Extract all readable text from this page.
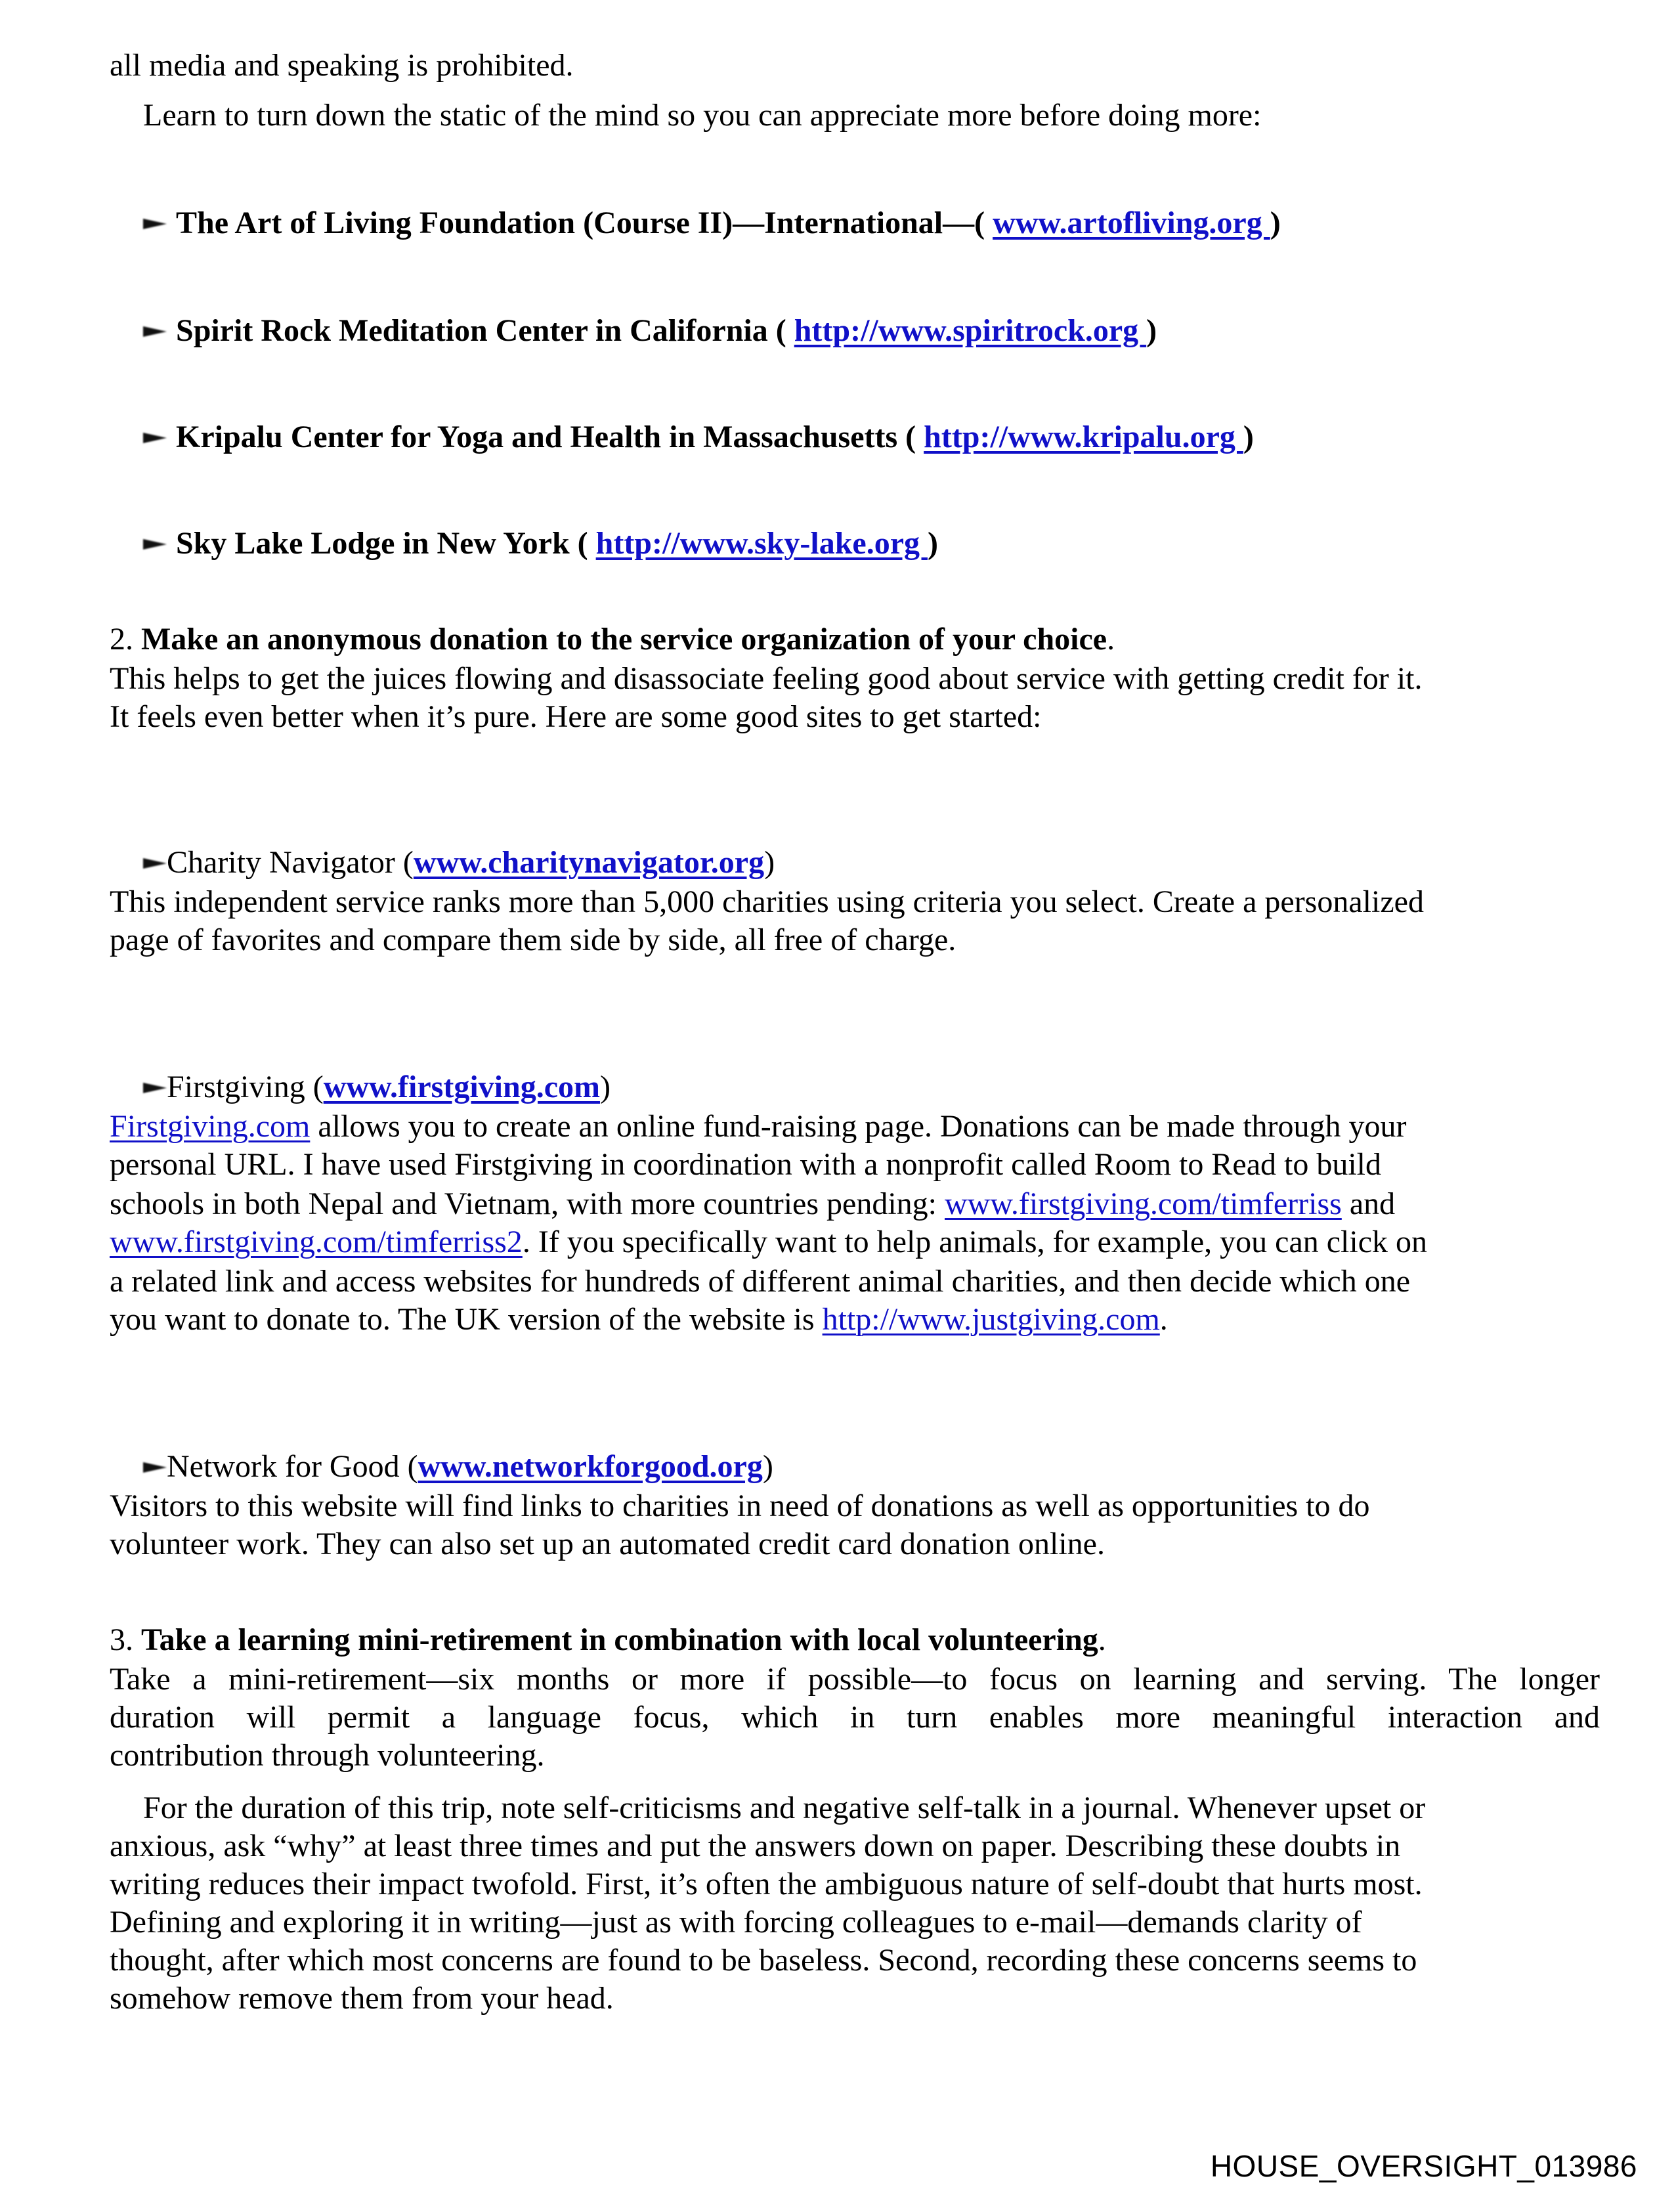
all media and speaking is prohibited.
Learn to turn down the static of the mind so you can appreciate more before doing more:
The Art of Living Foundation (Course II)—International—( www.artofliving.org )
Spirit Rock Meditation Center in California ( http://www.spiritrock.org )
Kripalu Center for Yoga and Health in Massachusetts ( http://www.kripalu.org )
Sky Lake Lodge in New York ( http://www.sky-lake.org )
2. Make an anonymous donation to the service organization of your choice.
This helps to get the juices flowing and disassociate feeling good about service with getting credit for it.
It feels even better when it’s pure. Here are some good sites to get started:
Charity Navigator (www.charitynavigator.org)
This independent service ranks more than 5,000 charities using criteria you select. Create a personalized
page of favorites and compare them side by side, all free of charge.
Firstgiving (www.firstgiving.com)
Firstgiving.com allows you to create an online fund-raising page. Donations can be made through your
personal URL. I have used Firstgiving in coordination with a nonprofit called Room to Read to build
schools in both Nepal and Vietnam, with more countries pending: www.firstgiving.com/timferriss and
www.firstgiving.com/timferriss2. If you specifically want to help animals, for example, you can click on
a related link and access websites for hundreds of different animal charities, and then decide which one
you want to donate to. The UK version of the website is http://www.justgiving.com.
Network for Good (www.networkforgood.org)
Visitors to this website will find links to charities in need of donations as well as opportunities to do
volunteer work. They can also set up an automated credit card donation online.
3. Take a learning mini-retirement in combination with local volunteering.
Take a mini-retirement—six months or more if possible—to focus on learning and serving. The longer
duration will permit a language focus, which in turn enables more meaningful interaction and
contribution through volunteering.
For the duration of this trip, note self-criticisms and negative self-talk in a journal. Whenever upset or
anxious, ask “why” at least three times and put the answers down on paper. Describing these doubts in
writing reduces their impact twofold. First, it’s often the ambiguous nature of self-doubt that hurts most.
Defining and exploring it in writing—just as with forcing colleagues to e-mail—demands clarity of
thought, after which most concerns are found to be baseless. Second, recording these concerns seems to
somehow remove them from your head.
HOUSE_OVERSIGHT_013986
